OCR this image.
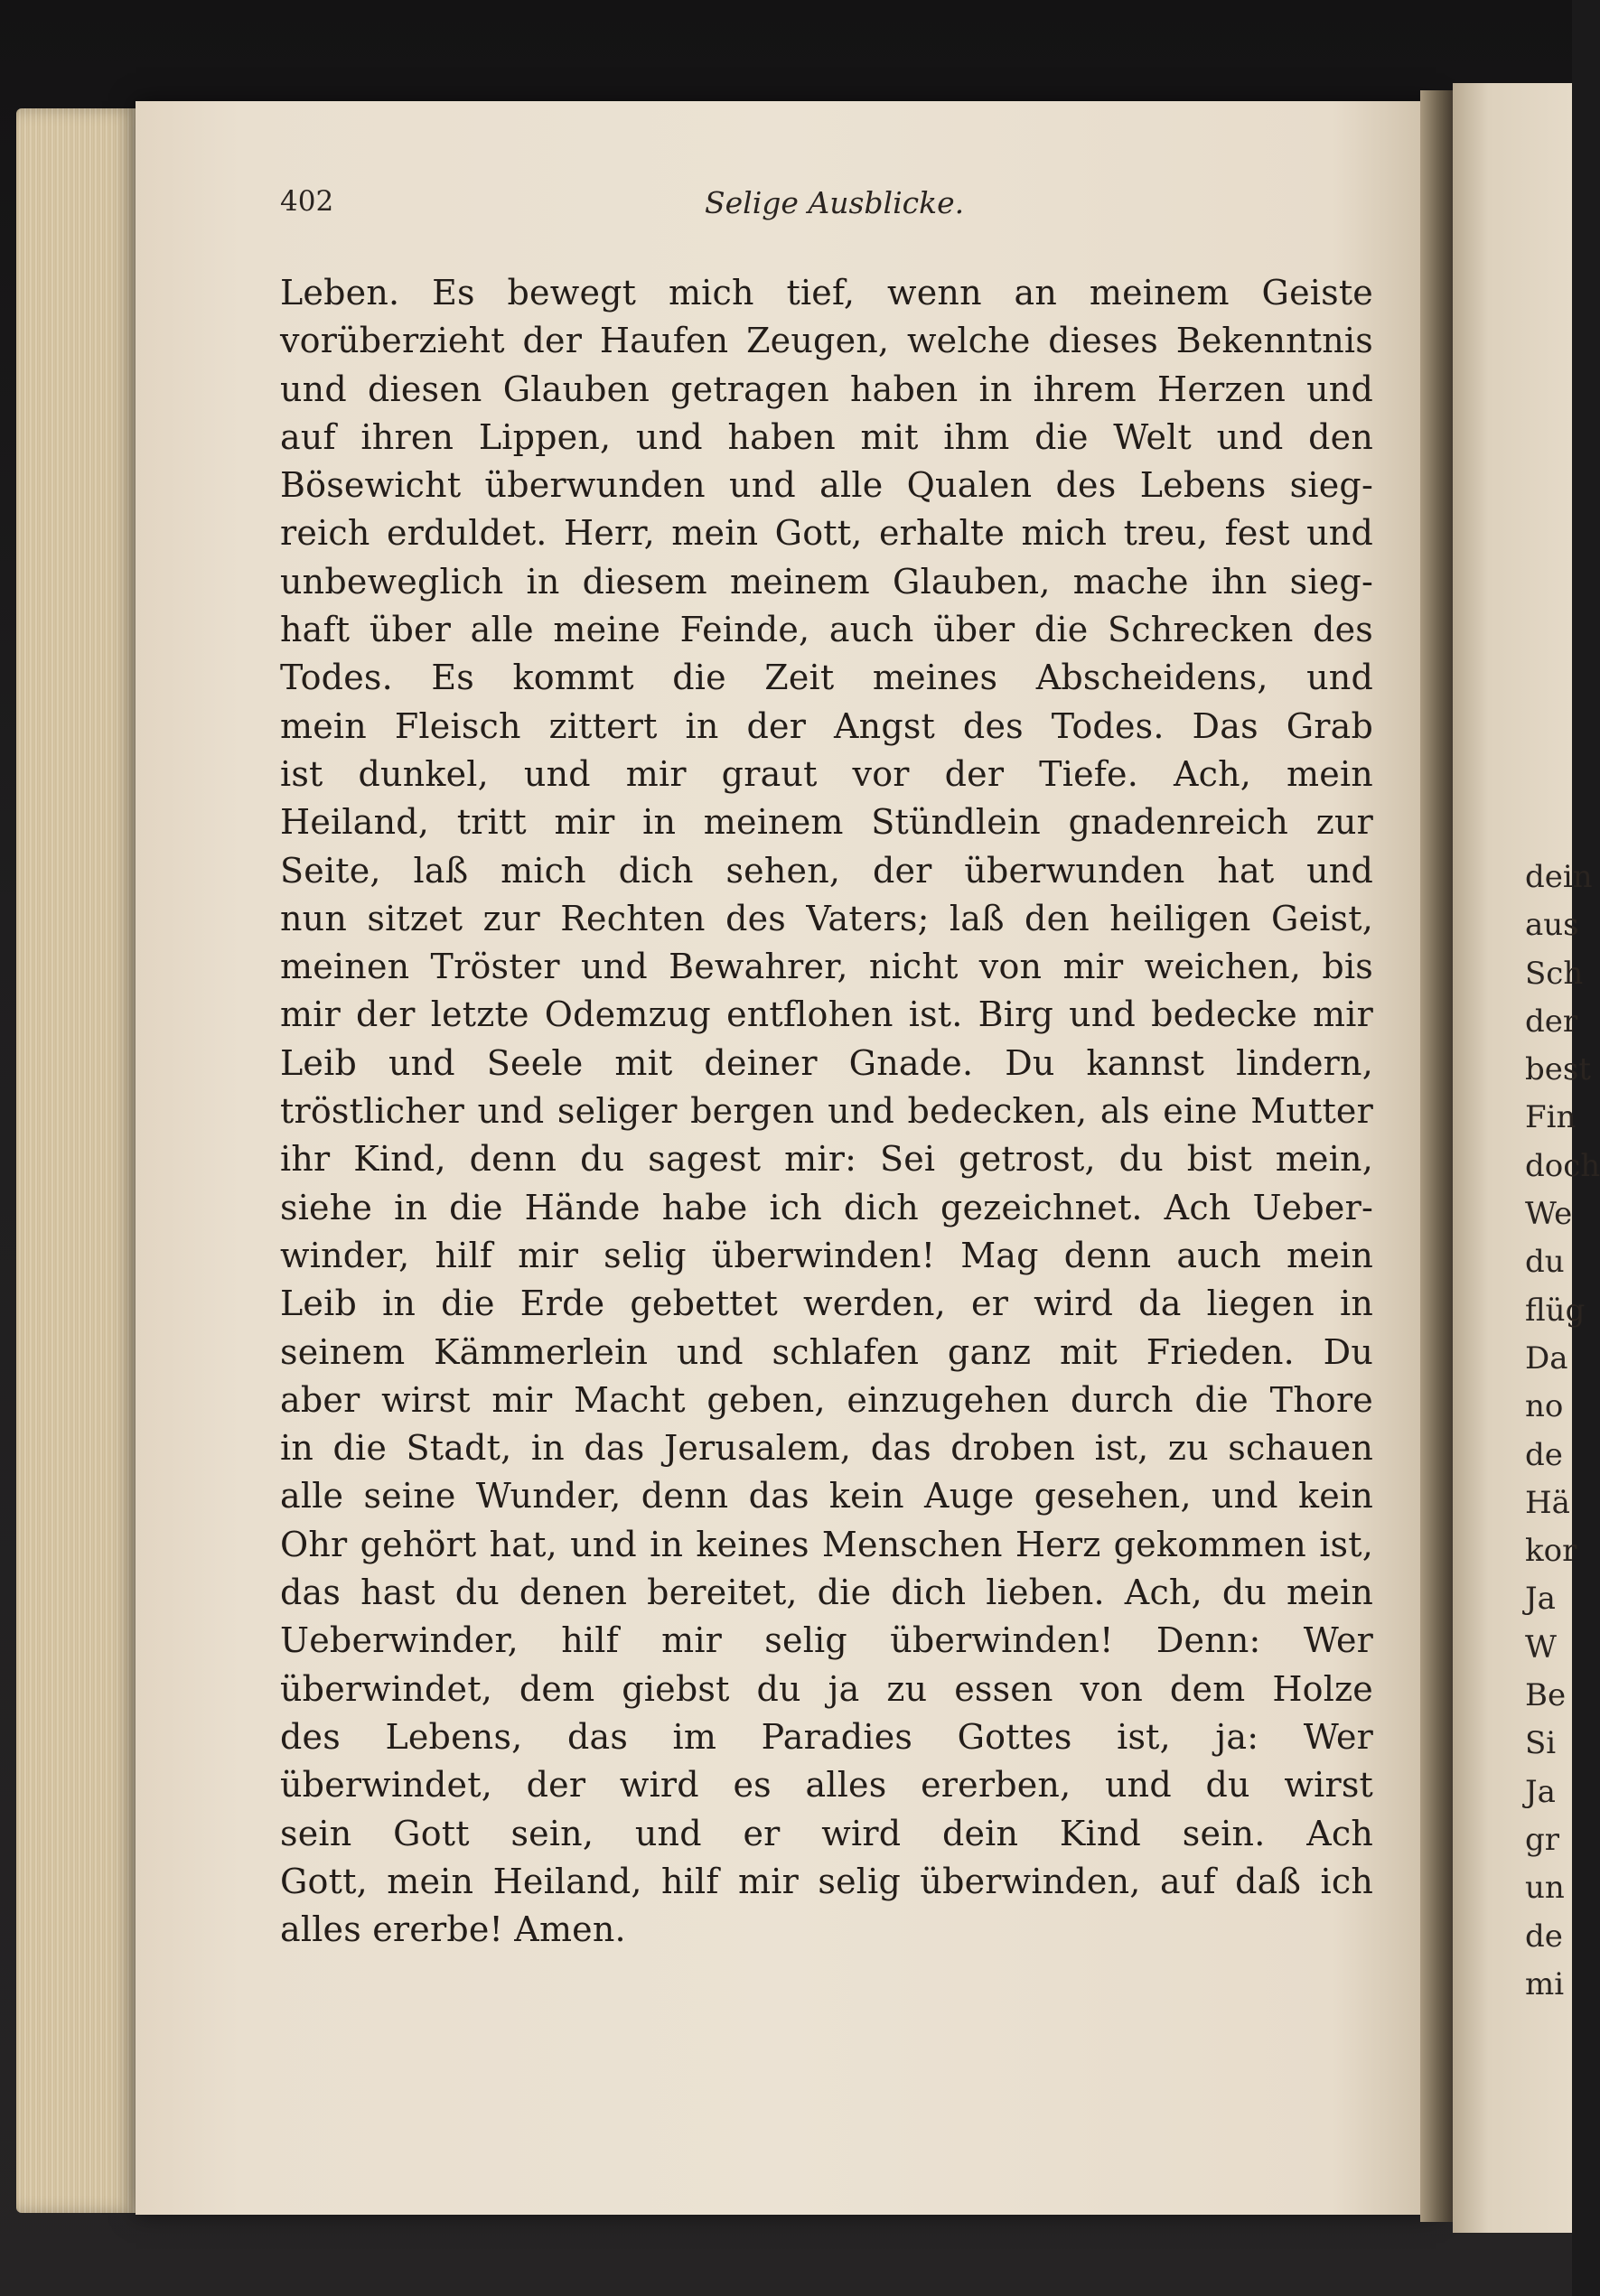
402	Selige Ausblicke.
Leben. Es bewegt mich tief, wenn an meinem Geiste
vorüberzieht der Haufen Zeugen, welche dieses Bekenntnis
und diesen Glauben getragen haben in ihrem Herzen und
auf ihren Lippen, und haben mit ihm die Welt und den
Bösewicht überwunden und alle Qualen des Lebens sieg-
reich erduldet. Herr, mein Gott, erhalte mich treu, fest und
unbeweglich in diesem meinem Glauben, mache ihn sieg-
haft über alle meine Feinde, auch über die Schrecken des
Todes. Es kommt die Zeit meines Abscheidens, und
mein Fleisch zittert in der Angst des Todes. Das Grab
ist dunkel, und mir graut vor der Tiefe. Ach, mein
Heiland, tritt mir in meinem Stündlein gnadenreich zur
Seite, laß mich dich sehen, der überwunden hat und
nun sitzet zur Rechten des Vaters; laß den heiligen Geist,
meinen Tröster und Bewahrer, nicht von mir weichen, bis
mir der letzte Odemzug entflohen ist. Birg und bedecke mir
Leib und Seele mit deiner Gnade. Du kannst lindern,
tröstlicher und seliger bergen und bedecken, als eine Mutter
ihr Kind, denn du sagest mir: Sei getrost, du bist mein,
siehe in die Hände habe ich dich gezeichnet. Ach Ueber-
winder, hilf mir selig überwinden! Mag denn auch mein
Leib in die Erde gebettet werden, er wird da liegen in
seinem Kämmerlein und schlafen ganz mit Frieden. Du
aber wirst mir Macht geben, einzugehen durch die Thore
in die Stadt, in das Jerusalem, das droben ist, zu schauen
alle seine Wunder, denn das kein Auge gesehen, und kein
Ohr gehört hat, und in keines Menschen Herz gekommen ist,
das hast du denen bereitet, die dich lieben. Ach, du mein
Ueberwinder, hilf mir selig überwinden! Denn: Wer
überwindet, dem giebst du ja zu essen von dem Holze
des Lebens, das im Paradies Gottes ist, ja: Wer
überwindet, der wird es alles ererben, und du wirst
sein Gott sein, und er wird dein Kind sein. Ach
Gott, mein Heiland, hilf mir selig überwinden, auf daß ich
alles ererbe! Amen.
dein
aus
Sch
der
best
Fin
doch
We
du
flüg
Da
no
de
Hä
kor
Ja
W
Be
Si
Ja
gr
un
de
mi
